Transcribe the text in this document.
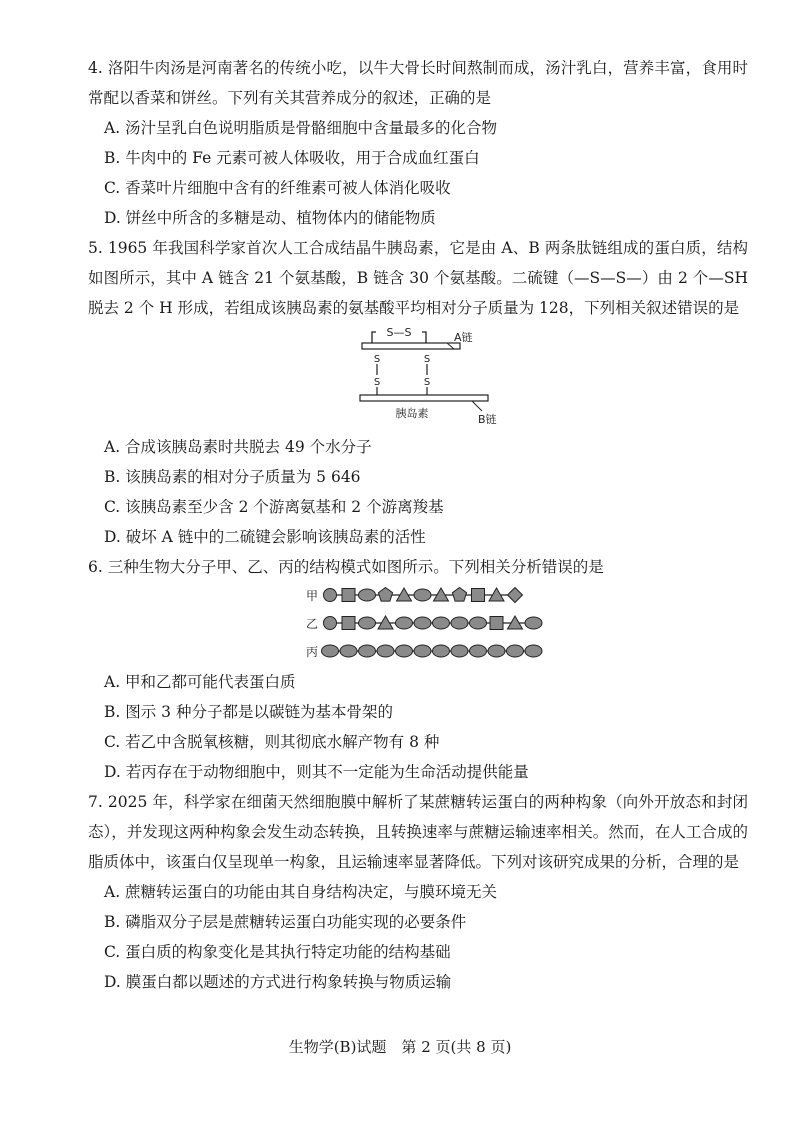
4. 洛阳牛肉汤是河南著名的传统小吃，以牛大骨长时间熬制而成，汤汁乳白，营养丰富，食用时常配以香菜和饼丝。下列有关其营养成分的叙述，正确的是

A. 汤汁呈乳白色说明脂质是骨骼细胞中含量最多的化合物

B. 牛肉中的 Fe 元素可被人体吸收，用于合成血红蛋白

C. 香菜叶片细胞中含有的纤维素可被人体消化吸收

D. 饼丝中所含的多糖是动、植物体内的储能物质

5. 1965 年我国科学家首次人工合成结晶牛胰岛素，它是由 A、B 两条肽链组成的蛋白质，结构如图所示，其中 A 链含 21 个氨基酸，B 链含 30 个氨基酸。二硫键（—S—S—）由 2 个—SH 脱去 2 个 H 形成，若组成该胰岛素的氨基酸平均相对分子质量为 128，下列相关叙述错误的是

S—S	A链
S
S
S
S
胰岛素	B链

A. 合成该胰岛素时共脱去 49 个水分子

B. 该胰岛素的相对分子质量为 5 646

C. 该胰岛素至少含 2 个游离氨基和 2 个游离羧基

D. 破坏 A 链中的二硫键会影响该胰岛素的活性

6. 三种生物大分子甲、乙、丙的结构模式如图所示。下列相关分析错误的是

甲
乙
丙

A. 甲和乙都可能代表蛋白质

B. 图示 3 种分子都是以碳链为基本骨架的

C. 若乙中含脱氧核糖，则其彻底水解产物有 8 种

D. 若丙存在于动物细胞中，则其不一定能为生命活动提供能量

7. 2025 年，科学家在细菌天然细胞膜中解析了某蔗糖转运蛋白的两种构象（向外开放态和封闭态），并发现这两种构象会发生动态转换，且转换速率与蔗糖运输速率相关。然而，在人工合成的脂质体中，该蛋白仅呈现单一构象，且运输速率显著降低。下列对该研究成果的分析，合理的是

A. 蔗糖转运蛋白的功能由其自身结构决定，与膜环境无关

B. 磷脂双分子层是蔗糖转运蛋白功能实现的必要条件

C. 蛋白质的构象变化是其执行特定功能的结构基础

D. 膜蛋白都以题述的方式进行构象转换与物质运输

生物学(B)试题　第 2 页(共 8 页)
